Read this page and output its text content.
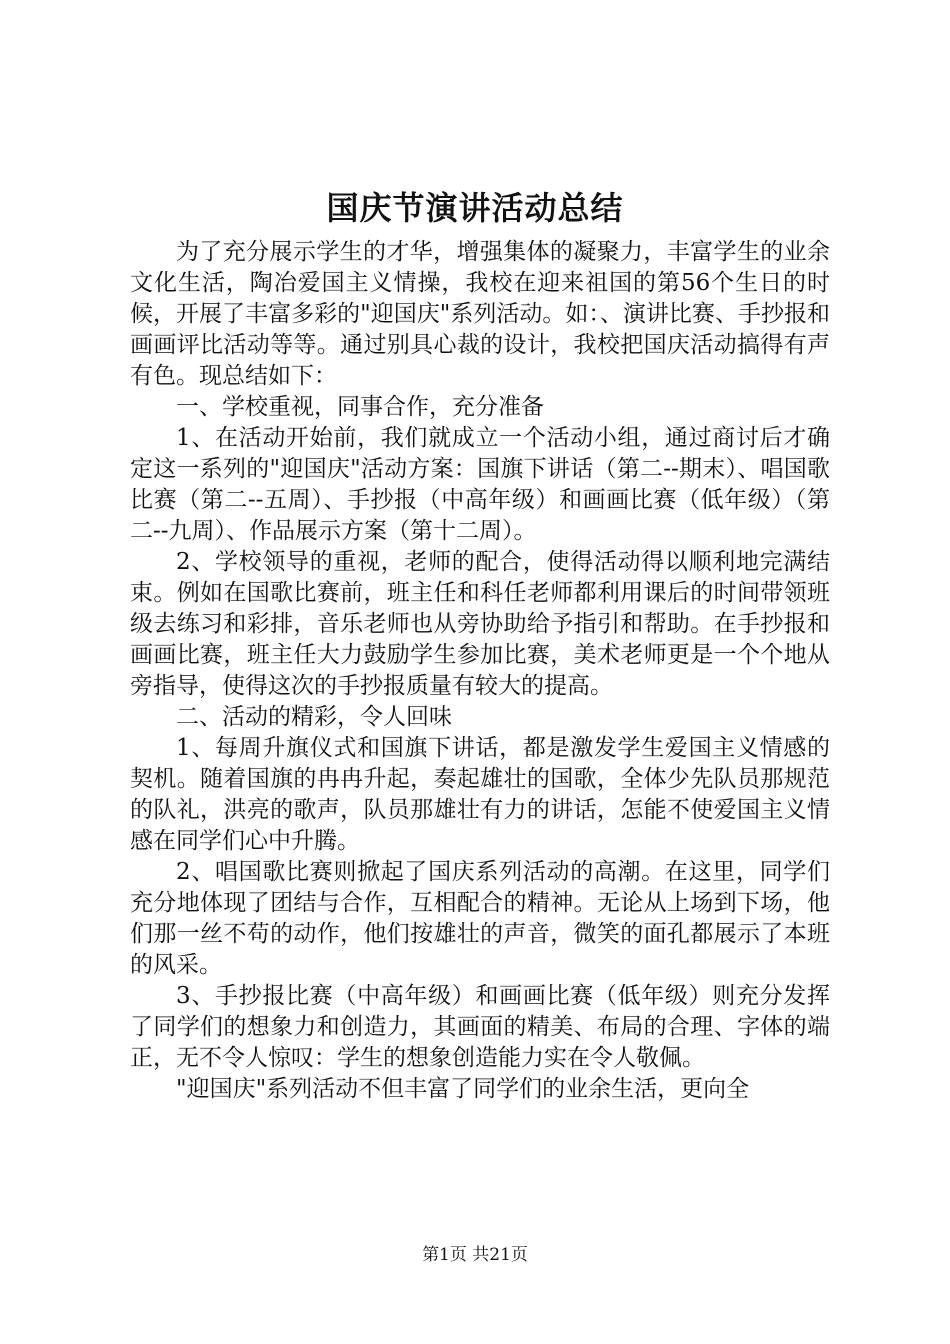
国庆节演讲活动总结

为了充分展示学生的才华，增强集体的凝聚力，丰富学生的业余文化生活，陶冶爱国主义情操，我校在迎来祖国的第56个生日的时候，开展了丰富多彩的"迎国庆"系列活动。如：、演讲比赛、手抄报和画画评比活动等等。通过别具心裁的设计，我校把国庆活动搞得有声有色。现总结如下：

一、学校重视，同事合作，充分准备

1、在活动开始前，我们就成立一个活动小组，通过商讨后才确定这一系列的"迎国庆"活动方案：国旗下讲话（第二--期末）、唱国歌比赛（第二--五周）、手抄报（中高年级）和画画比赛（低年级）（第二--九周）、作品展示方案（第十二周）。

2、学校领导的重视，老师的配合，使得活动得以顺利地完满结束。例如在国歌比赛前，班主任和科任老师都利用课后的时间带领班级去练习和彩排，音乐老师也从旁协助给予指引和帮助。在手抄报和画画比赛，班主任大力鼓励学生参加比赛，美术老师更是一个个地从旁指导，使得这次的手抄报质量有较大的提高。

二、活动的精彩，令人回味

1、每周升旗仪式和国旗下讲话，都是激发学生爱国主义情感的契机。随着国旗的冉冉升起，奏起雄壮的国歌，全体少先队员那规范的队礼，洪亮的歌声，队员那雄壮有力的讲话，怎能不使爱国主义情感在同学们心中升腾。

2、唱国歌比赛则掀起了国庆系列活动的高潮。在这里，同学们充分地体现了团结与合作，互相配合的精神。无论从上场到下场，他们那一丝不苟的动作，他们按雄壮的声音，微笑的面孔都展示了本班的风采。

3、手抄报比赛（中高年级）和画画比赛（低年级）则充分发挥了同学们的想象力和创造力，其画面的精美、布局的合理、字体的端正，无不令人惊叹：学生的想象创造能力实在令人敬佩。

"迎国庆"系列活动不但丰富了同学们的业余生活，更向全

第1页 共21页
